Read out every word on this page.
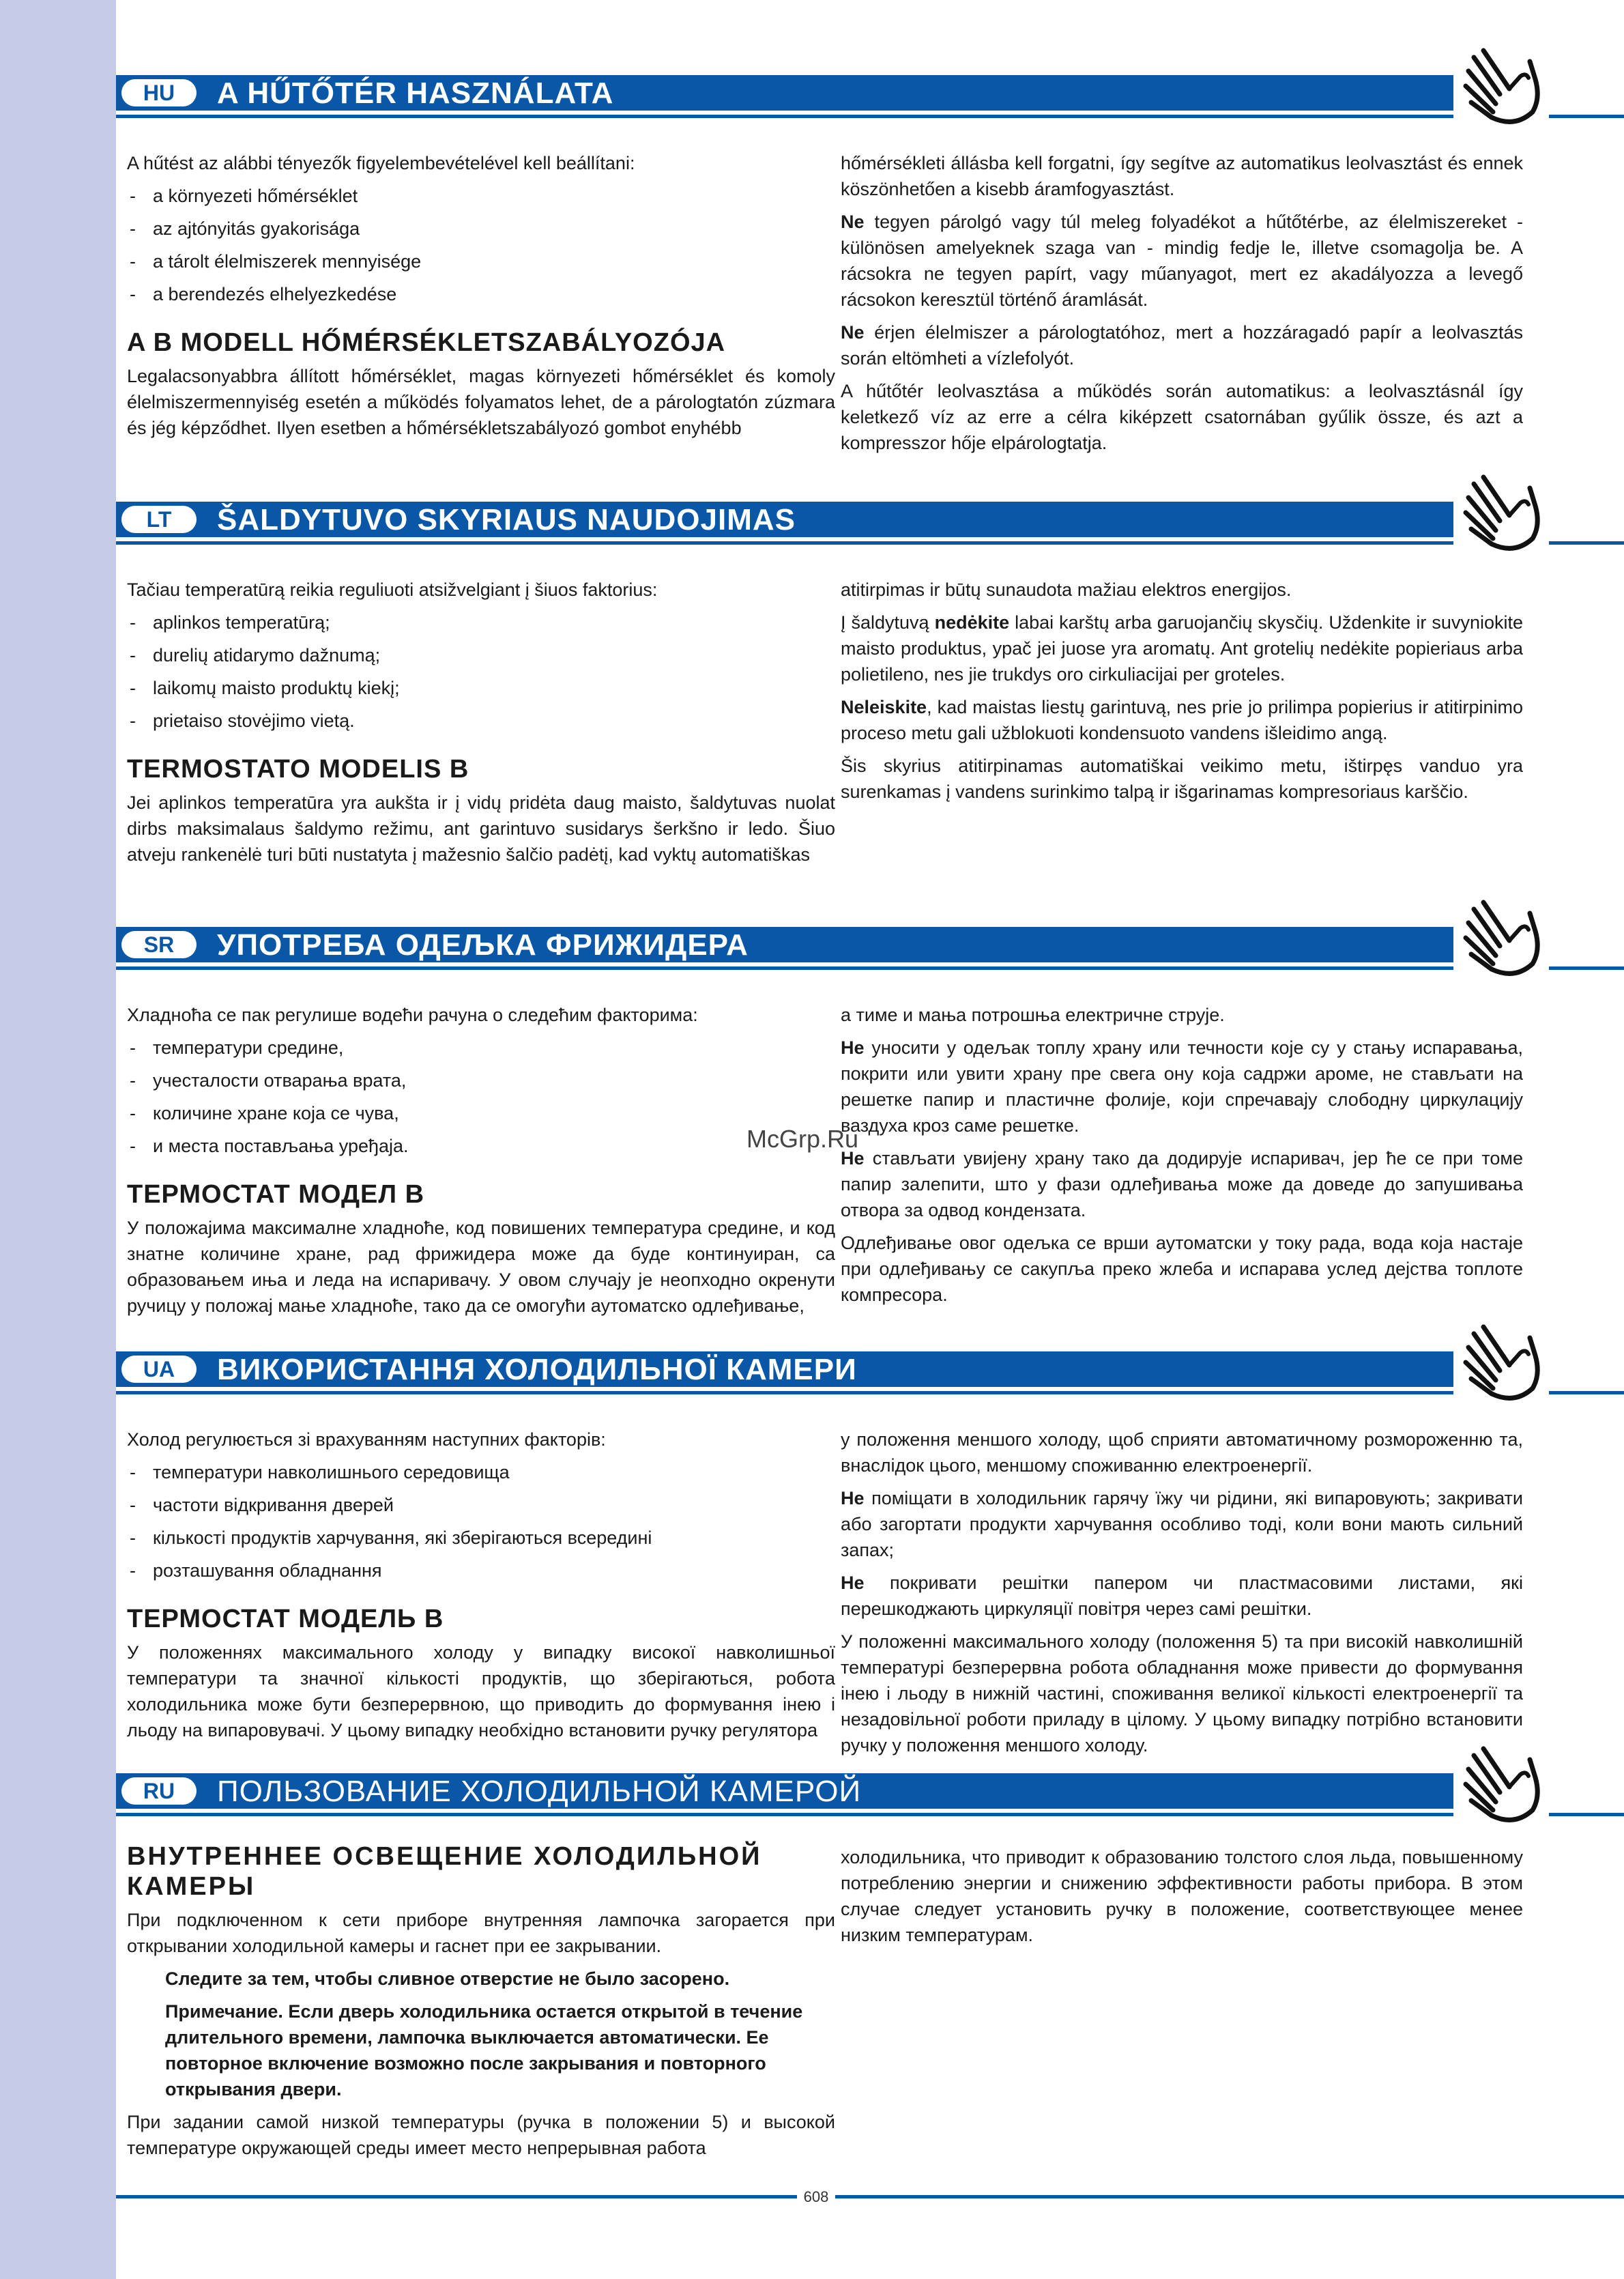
HU	A HŰTŐTÉR HASZNÁLATA

A hűtést az alábbi tényezők figyelembevételével kell beállítani:

- a környezeti hőmérséklet
- az ajtónyitás gyakorisága
- a tárolt élelmiszerek mennyisége
- a berendezés elhelyezkedése
A B MODELL HŐMÉRSÉKLETSZABÁLYOZÓJA

Legalacsonyabbra állított hőmérséklet, magas környezeti hőmérséklet és komoly élelmiszermennyiség esetén a működés folyamatos lehet, de a párologtatón zúzmara és jég képződhet. Ilyen esetben a hőmérsékletszabályozó gombot enyhébb

hőmérsékleti állásba kell forgatni, így segítve az automatikus leolvasztást és ennek köszönhetően a kisebb áramfogyasztást.

Ne tegyen párolgó vagy túl meleg folyadékot a hűtőtérbe, az élelmiszereket - különösen amelyeknek szaga van - mindig fedje le, illetve csomagolja be. A rácsokra ne tegyen papírt, vagy műanyagot, mert ez akadályozza a levegő rácsokon keresztül történő áramlását.

Ne érjen élelmiszer a párologtatóhoz, mert a hozzáragadó papír a leolvasztás során eltömheti a vízlefolyót.

A hűtőtér leolvasztása a működés során automatikus: a leolvasztásnál így keletkező víz az erre a célra kiképzett csatornában gyűlik össze, és azt a kompresszor hője elpárologtatja.

27
LT	ŠALDYTUVO SKYRIAUS NAUDOJIMAS

Tačiau temperatūrą reikia reguliuoti atsižvelgiant į šiuos faktorius:

- aplinkos temperatūrą;
- durelių atidarymo dažnumą;
- laikomų maisto produktų kiekį;
- prietaiso stovėjimo vietą.
TERMOSTATO MODELIS B

Jei aplinkos temperatūra yra aukšta ir į vidų pridėta daug maisto, šaldytuvas nuolat dirbs maksimalaus šaldymo režimu, ant garintuvo susidarys šerkšno ir ledo. Šiuo atveju rankenėlė turi būti nustatyta į mažesnio šalčio padėtį, kad vyktų automatiškas

atitirpimas ir būtų sunaudota mažiau elektros energijos.

Į šaldytuvą nedėkite labai karštų arba garuojančių skysčių. Uždenkite ir suvyniokite maisto produktus, ypač jei juose yra aromatų. Ant grotelių nedėkite popieriaus arba polietileno, nes jie trukdys oro cirkuliacijai per groteles.

Neleiskite, kad maistas liestų garintuvą, nes prie jo prilimpa popierius ir atitirpinimo proceso metu gali užblokuoti kondensuoto vandens išleidimo angą.

Šis skyrius atitirpinamas automatiškai veikimo metu, ištirpęs vanduo yra surenkamas į vandens surinkimo talpą ir išgarinamas kompresoriaus karščio.

SR	УПОТРЕБА ОДЕЉКА ФРИЖИДЕРА

Хладноћа се пак регулише водећи рачуна о следећим факторима:

- температури средине,
- учесталости отварања врата,
- количине хране која се чува,
- и места постављања уређаја.
ТЕРМОСТАТ МОДЕЛ B

У положајима максималне хладноће, код повишених температура средине, и код знатне количине хране, рад фрижидера може да буде континуиран, са образовањем иња и леда на испаривачу. У овом случају је неопходно окренути ручицу у положај мање хладноће, тако да се омогући аутоматско одлеђивање,

а тиме и мања потрошња електричне струје.

Не уносити у одељак топлу храну или течности које су у стању испаравања, покрити или увити храну пре свега ону која садржи ароме, не стављати на решетке папир и пластичне фолије, који спречавају слободну циркулацију ваздуха кроз саме решетке.

Не стављати увијену храну тако да додирује испаривач, јер ће се при томе папир залепити, што у фази одлеђивања може да доведе до запушивања отвора за одвод кондензата.

Одлеђивање овог одељка се врши аутоматски у току рада, вода која настаје при одлеђивању се сакупља преко жлеба и испарава услед дејства топлоте компресора.

McGrp.Ru
UA	ВИКОРИСТАННЯ ХОЛОДИЛЬНОЇ КАМЕРИ

Холод регулюється зі врахуванням наступних факторів:

- температури навколишнього середовища
- частоти відкривання дверей
- кількості продуктів харчування, які зберігаються всередині
- розташування обладнання
ТЕРМОСТАТ МОДЕЛЬ B

У положеннях максимального холоду у випадку високої навколишньої температури та значної кількості продуктів, що зберігаються, робота холодильника може бути безперервною, що приводить до формування інею і льоду на випаровувачі. У цьому випадку необхідно встановити ручку регулятора

у положення меншого холоду, щоб сприяти автоматичному розмороженню та, внаслідок цього, меншому споживанню електроенергії.

Не поміщати в холодильник гарячу їжу чи рідини, які випаровують; закривати або загортати продукти харчування особливо тоді, коли вони мають сильний запах;

Не покривати решітки папером чи пластмасовими листами, які перешкоджають циркуляції повітря через самі решітки.

У положенні максимального холоду (положення 5) та при високій навколишній температурі безперервна робота обладнання може привести до формування інею і льоду в нижній частині, споживання великої кількості електроенергії та незадовільної роботи приладу в цілому. У цьому випадку потрібно встановити ручку у положення меншого холоду.

RU	ПОЛЬЗОВАНИЕ ХОЛОДИЛЬНОЙ КАМЕРОЙ
ВНУТРЕННЕЕ ОСВЕЩЕНИЕ ХОЛОДИЛЬНОЙ КАМЕРЫ

При подключенном к сети приборе внутренняя лампочка загорается при открывании холодильной камеры и гаснет при ее закрывании.

Следите за тем, чтобы сливное отверстие не было засорено.

Примечание. Если дверь холодильника остается открытой в течение длительного времени, лампочка выключается автоматически. Ее повторное включение возможно после закрывания и повторного открывания двери.

При задании самой низкой температуры (ручка в положении 5) и высокой температуре окружающей среды имеет место непрерывная работа

холодильника, что приводит к образованию толстого слоя льда, повышенному потреблению энергии и снижению эффективности работы прибора. В этом случае следует установить ручку в положение, соответствующее менее низким температурам.

608
